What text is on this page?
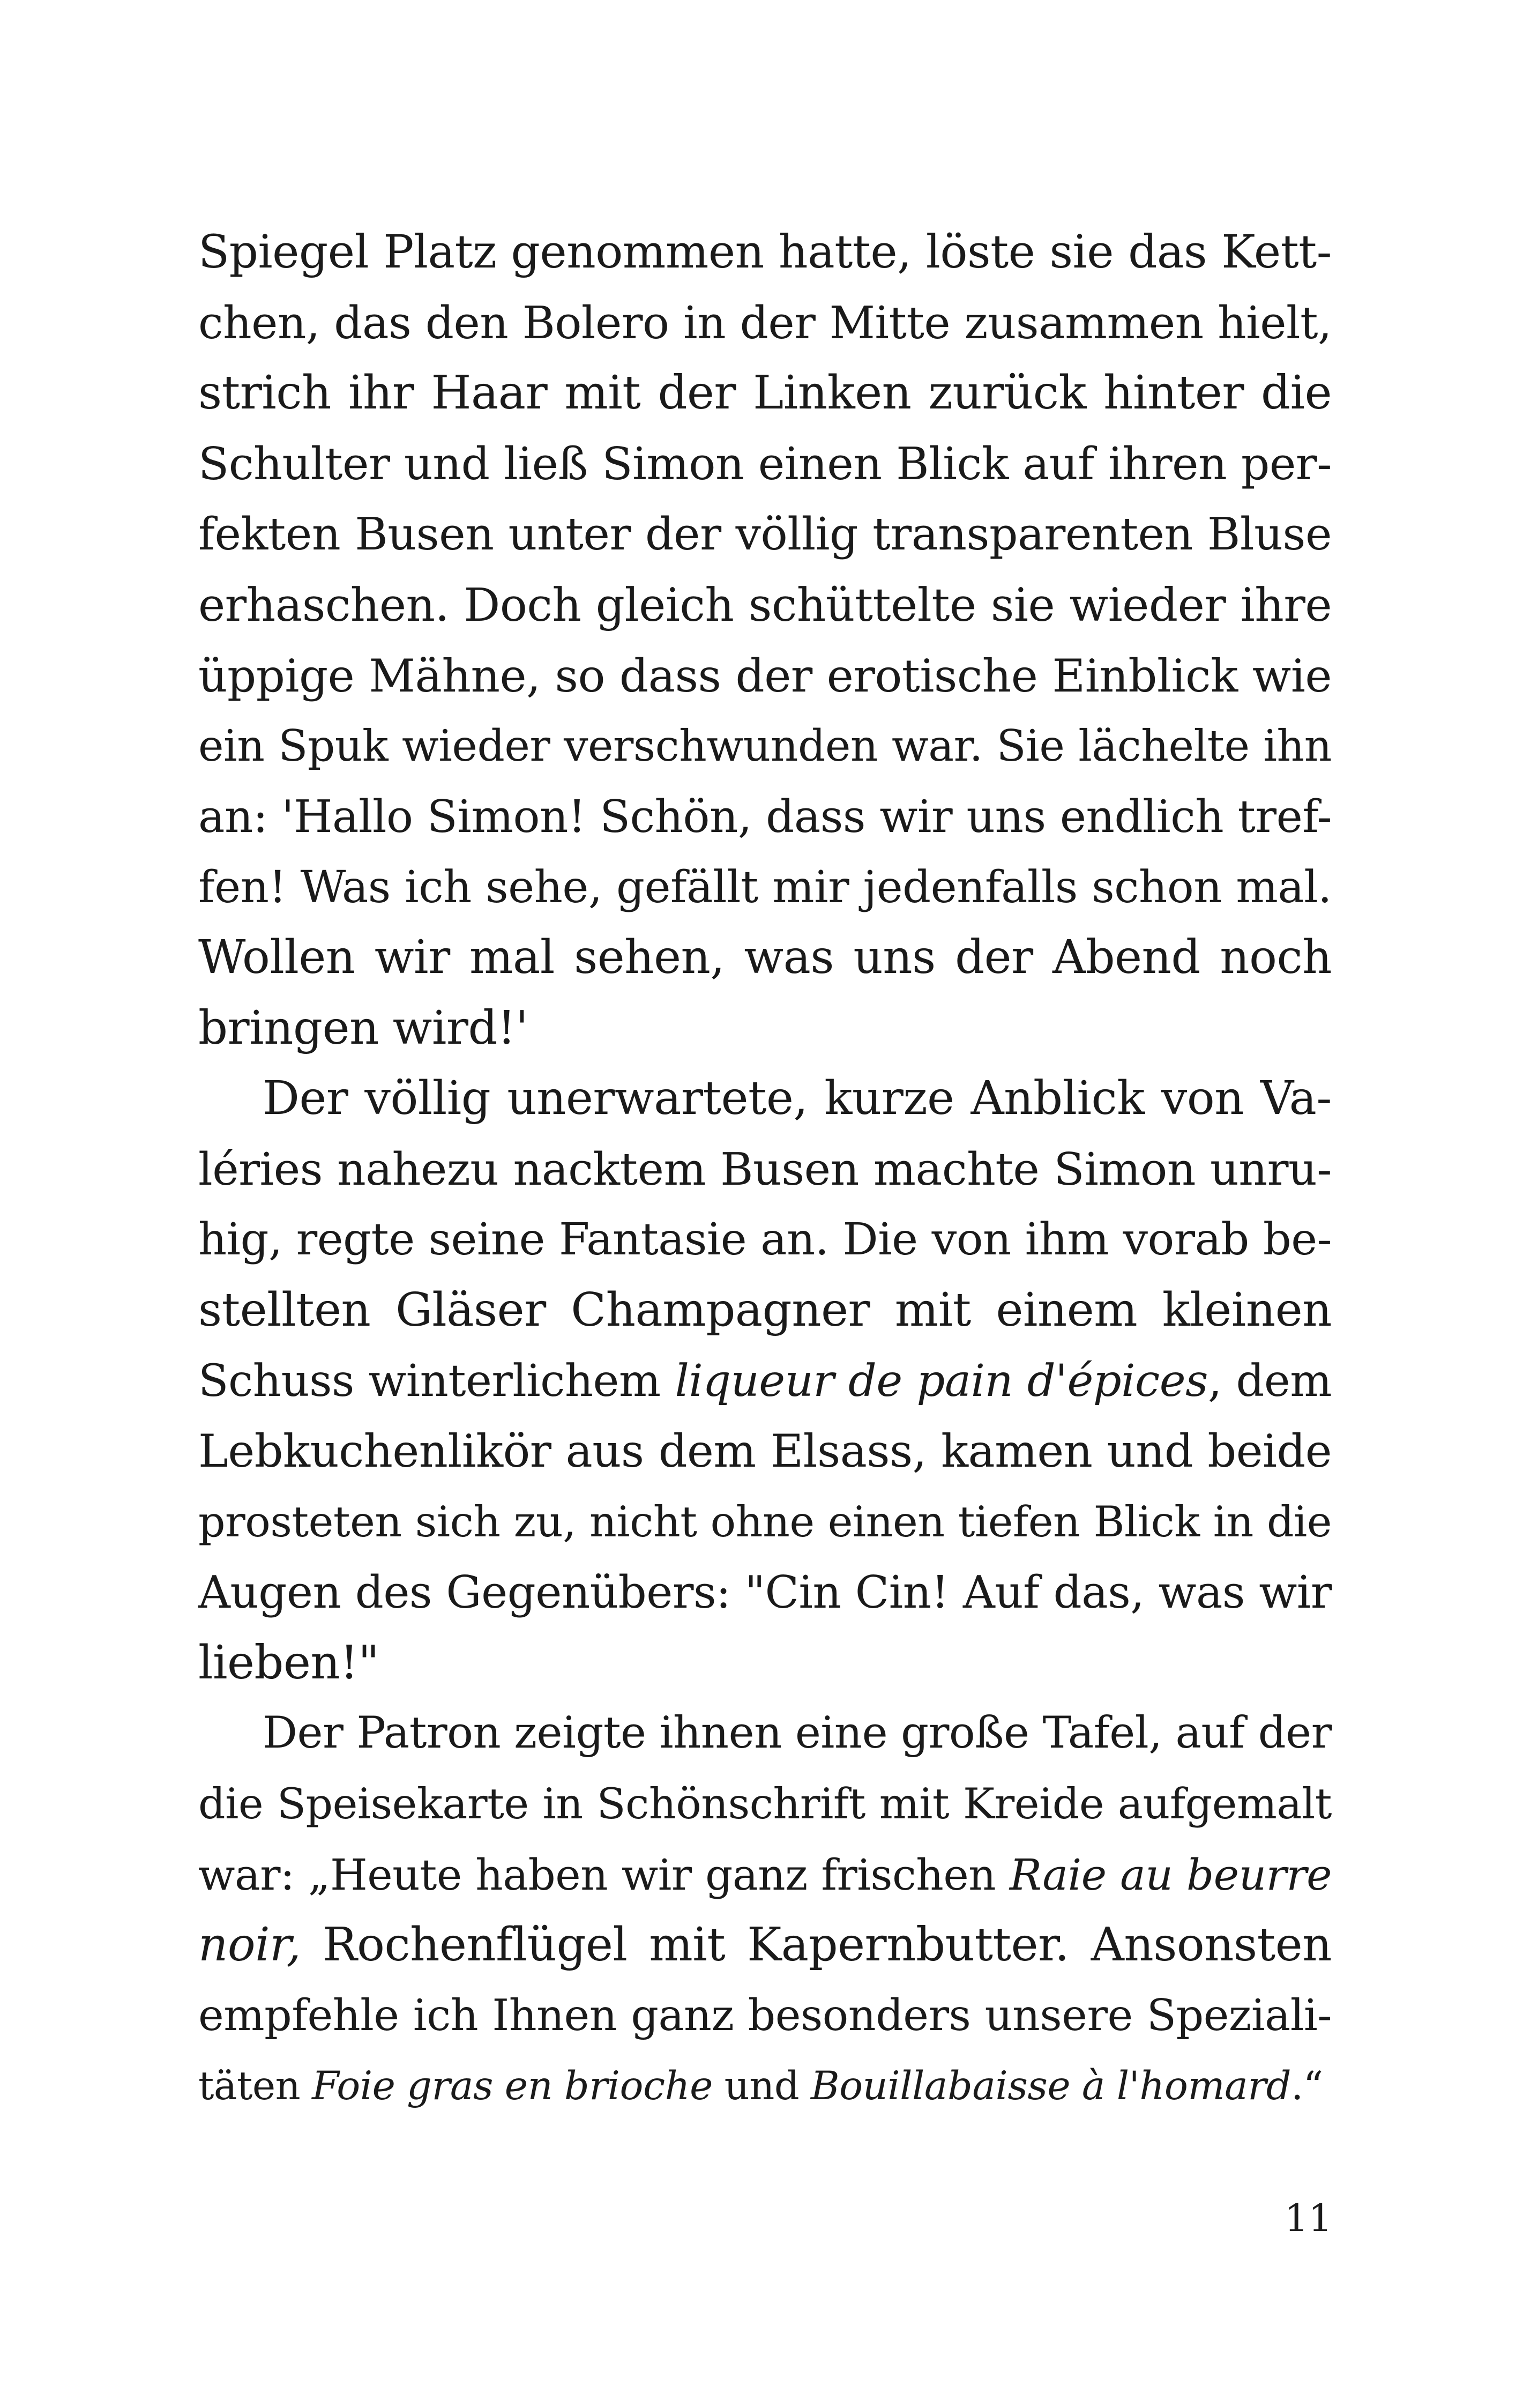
Spiegel Platz genommen hatte, löste sie das Kett-
chen, das den Bolero in der Mitte zusammen hielt,
strich ihr Haar mit der Linken zurück hinter die
Schulter und ließ Simon einen Blick auf ihren per-
fekten Busen unter der völlig transparenten Bluse
erhaschen. Doch gleich schüttelte sie wieder ihre
üppige Mähne, so dass der erotische Einblick wie
ein Spuk wieder verschwunden war. Sie lächelte ihn
an: 'Hallo Simon! Schön, dass wir uns endlich tref-
fen! Was ich sehe, gefällt mir jedenfalls schon mal.
Wollen wir mal sehen, was uns der Abend noch
bringen wird!'
Der völlig unerwartete, kurze Anblick von Va-
léries nahezu nacktem Busen machte Simon unru-
hig, regte seine Fantasie an. Die von ihm vorab be-
stellten Gläser Champagner mit einem kleinen
Schuss winterlichem liqueur de pain d'épices, dem
Lebkuchenlikör aus dem Elsass, kamen und beide
prosteten sich zu, nicht ohne einen tiefen Blick in die
Augen des Gegenübers: "Cin Cin! Auf das, was wir
lieben!"
Der Patron zeigte ihnen eine große Tafel, auf der
die Speisekarte in Schönschrift mit Kreide aufgemalt
war: „Heute haben wir ganz frischen Raie au beurre
noir, Rochenflügel mit Kapernbutter. Ansonsten
empfehle ich Ihnen ganz besonders unsere Speziali-
täten Foie gras en brioche und Bouillabaisse à l'homard.“
11
